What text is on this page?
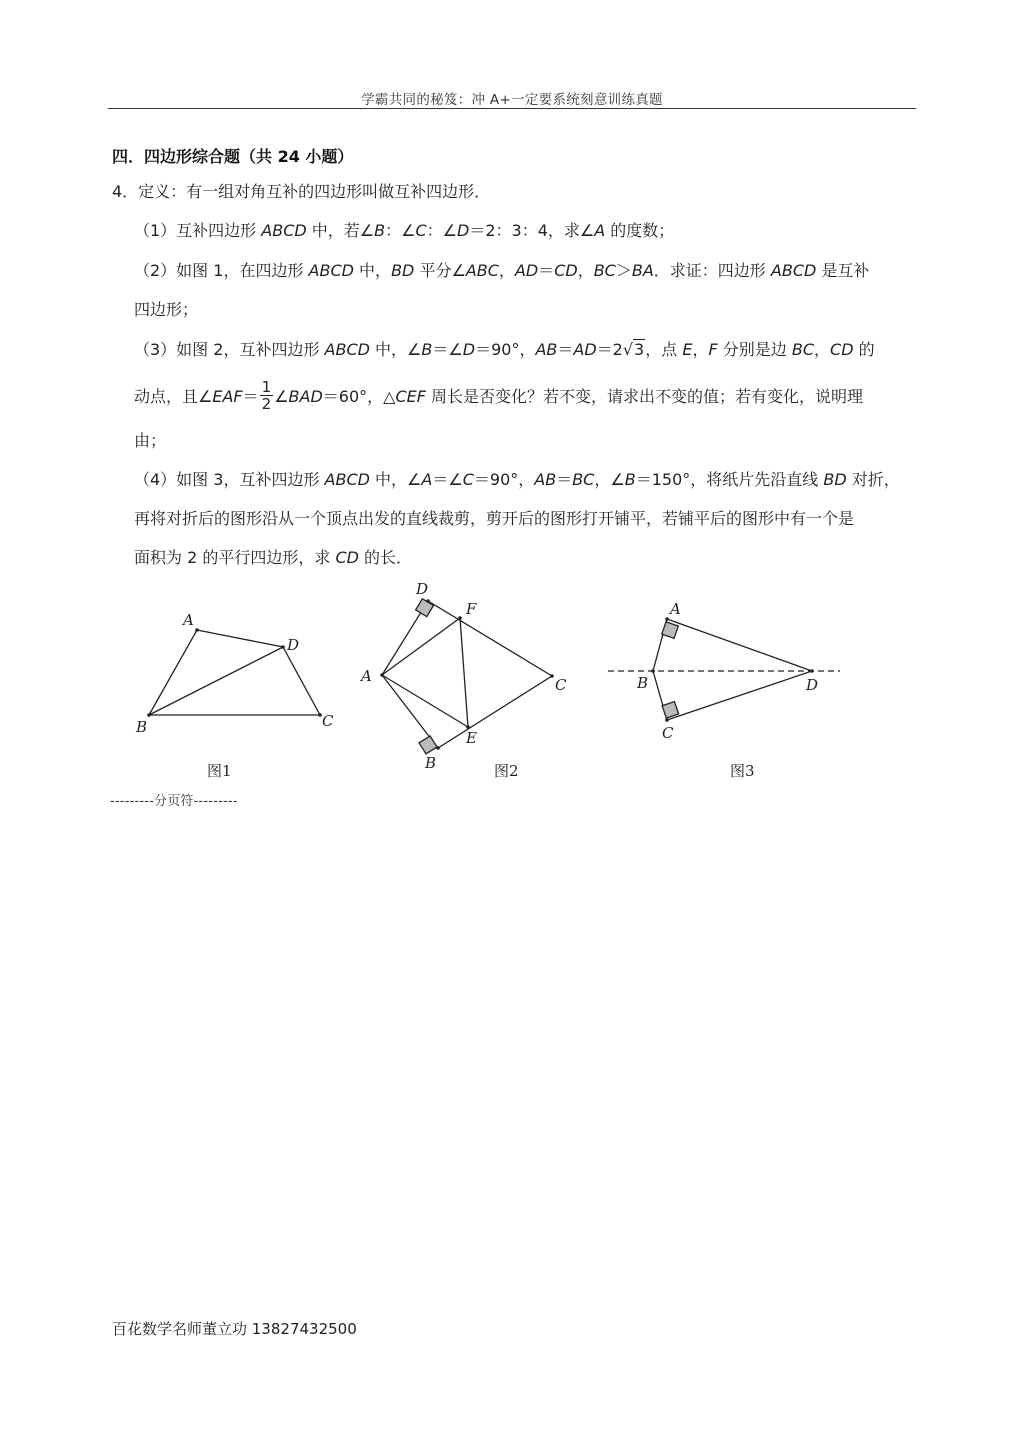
学霸共同的秘笈：冲 A+一定要系统刻意训练真题
四．四边形综合题（共 24 小题）
4．定义：有一组对角互补的四边形叫做互补四边形．
（1）互补四边形 ABCD 中，若∠B：∠C：∠D＝2：3：4，求∠A 的度数；
（2）如图 1，在四边形 ABCD 中，BD 平分∠ABC，AD＝CD，BC＞BA．求证：四边形 ABCD 是互补
四边形；
（3）如图 2，互补四边形 ABCD 中，∠B＝∠D＝90°，AB＝AD＝2√3，点 E，F 分别是边 BC，CD 的
动点，且∠EAF＝ $\frac{1}{2}$ ∠BAD＝60°，△CEF 周长是否变化？若不变，请求出不变的值；若有变化，说明理
由；
（4）如图 3，互补四边形 ABCD 中，∠A＝∠C＝90°，AB＝BC，∠B＝150°，将纸片先沿直线 BD 对折，
再将对折后的图形沿从一个顶点出发的直线裁剪，剪开后的图形打开铺平，若铺平后的图形中有一个是
面积为 2 的平行四边形，求 CD 的长．
A
D
C
B
D
F
A	C
E
B
A
B	D
C
图1	图2	图3
---------分页符---------
百花数学名师董立功 13827432500
